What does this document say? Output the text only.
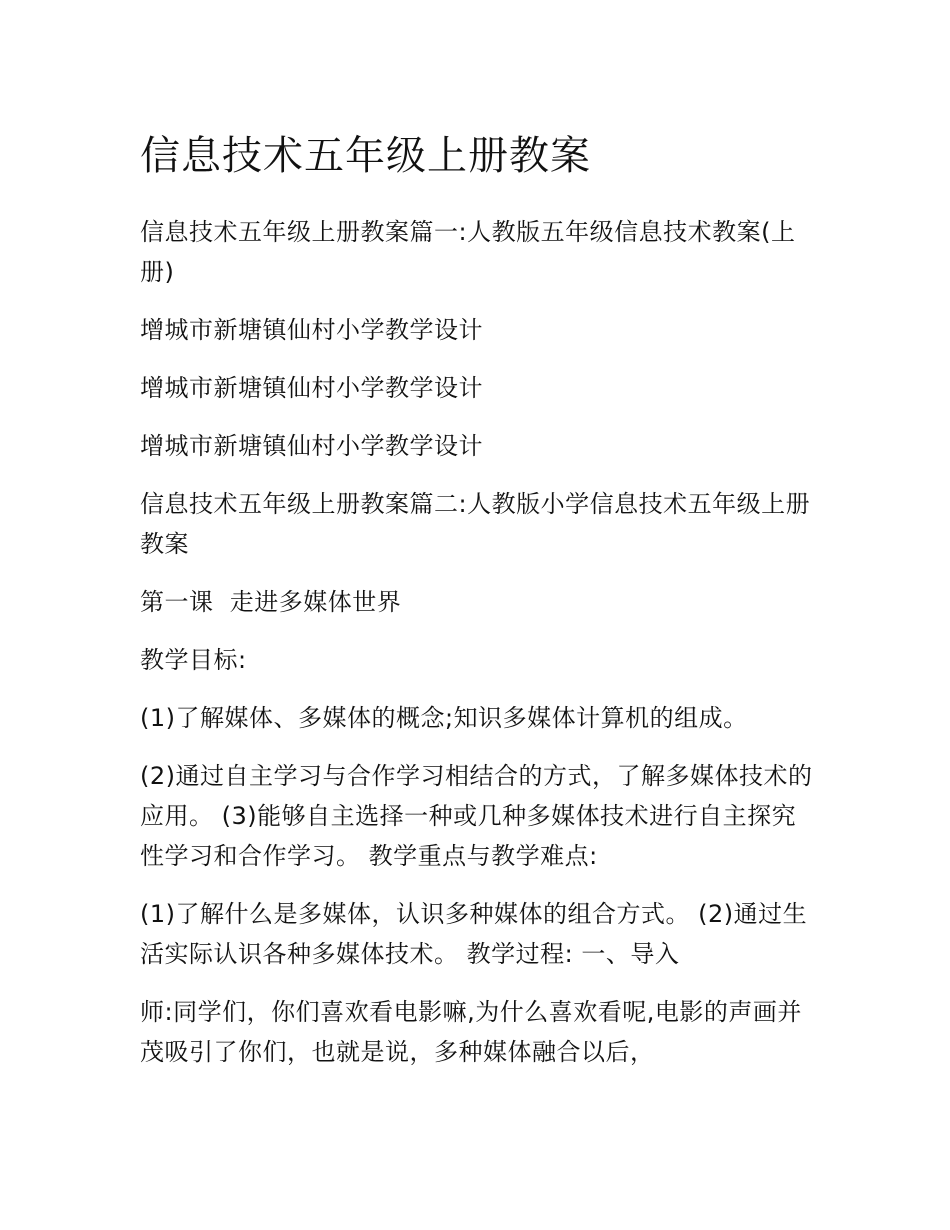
信息技术五年级上册教案

信息技术五年级上册教案篇一:人教版五年级信息技术教案(上册)

增城市新塘镇仙村小学教学设计

增城市新塘镇仙村小学教学设计

增城市新塘镇仙村小学教学设计

信息技术五年级上册教案篇二:人教版小学信息技术五年级上册教案

第一课  走进多媒体世界

教学目标:

(1)了解媒体、多媒体的概念;知识多媒体计算机的组成。

(2)通过自主学习与合作学习相结合的方式，了解多媒体技术的应用。 (3)能够自主选择一种或几种多媒体技术进行自主探究性学习和合作学习。 教学重点与教学难点:

(1)了解什么是多媒体，认识多种媒体的组合方式。 (2)通过生活实际认识各种多媒体技术。 教学过程: 一、导入

师:同学们，你们喜欢看电影嘛,为什么喜欢看呢,电影的声画并茂吸引了你们，也就是说，多种媒体融合以后，
